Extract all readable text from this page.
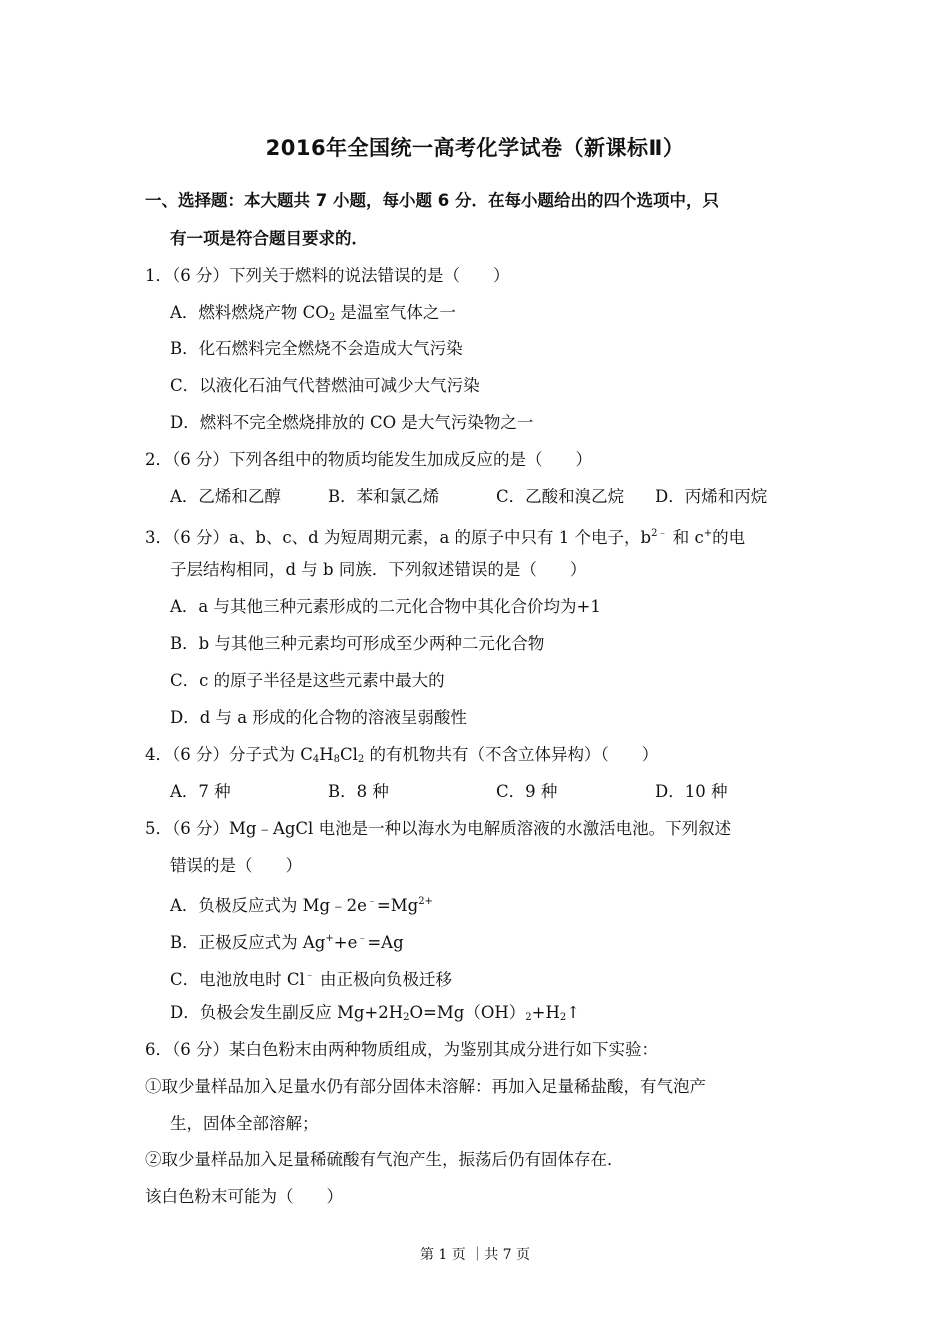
2016年全国统一高考化学试卷（新课标Ⅱ）
一、选择题：本大题共 7 小题，每小题 6 分．在每小题给出的四个选项中，只
有一项是符合题目要求的．
1．（6 分）下列关于燃料的说法错误的是（　　）
A．燃料燃烧产物 $CO_2$ 是温室气体之一
B．化石燃料完全燃烧不会造成大气污染
C．以液化石油气代替燃油可减少大气污染
D．燃料不完全燃烧排放的 CO 是大气污染物之一
2．（6 分）下列各组中的物质均能发生加成反应的是（　　）
A．乙烯和乙醇	B．苯和氯乙烯	C．乙酸和溴乙烷 D．丙烯和丙烷
3．（6 分）a、b、c、d 为短周期元素，a 的原子中只有 1 个电子，$b^{2﹣}$ 和 c+的电
子层结构相同，d 与 b 同族．下列叙述错误的是（　　）
A．a 与其他三种元素形成的二元化合物中其化合价均为+1
B．b 与其他三种元素均可形成至少两种二元化合物
C．c 的原子半径是这些元素中最大的
D．d 与 a 形成的化合物的溶液呈弱酸性
4．（6 分）分子式为 $C_4H_8Cl_2$ 的有机物共有（不含立体异构）（　　）
A．7 种	B．8 种	C．9 种	D．10 种
5．（6 分）Mg﹣AgCl 电池是一种以海水为电解质溶液的水激活电池。下列叙述
错误的是（　　）
A．负极反应式为 $Mg﹣2e^﹣=Mg^{2+}$
B．正极反应式为 Ag++e﹣=Ag
C．电池放电时 Cl﹣ 由正极向负极迁移
D．负极会发生副反应 $Mg+2H_2O=Mg(OH)_2+H_2↑$
6．（6 分）某白色粉末由两种物质组成，为鉴别其成分进行如下实验：
①取少量样品加入足量水仍有部分固体未溶解：再加入足量稀盐酸，有气泡产
生，固体全部溶解；
②取少量样品加入足量稀硫酸有气泡产生，振荡后仍有固体存在．
该白色粉末可能为（　　）
第 1 页 ｜共 7 页
